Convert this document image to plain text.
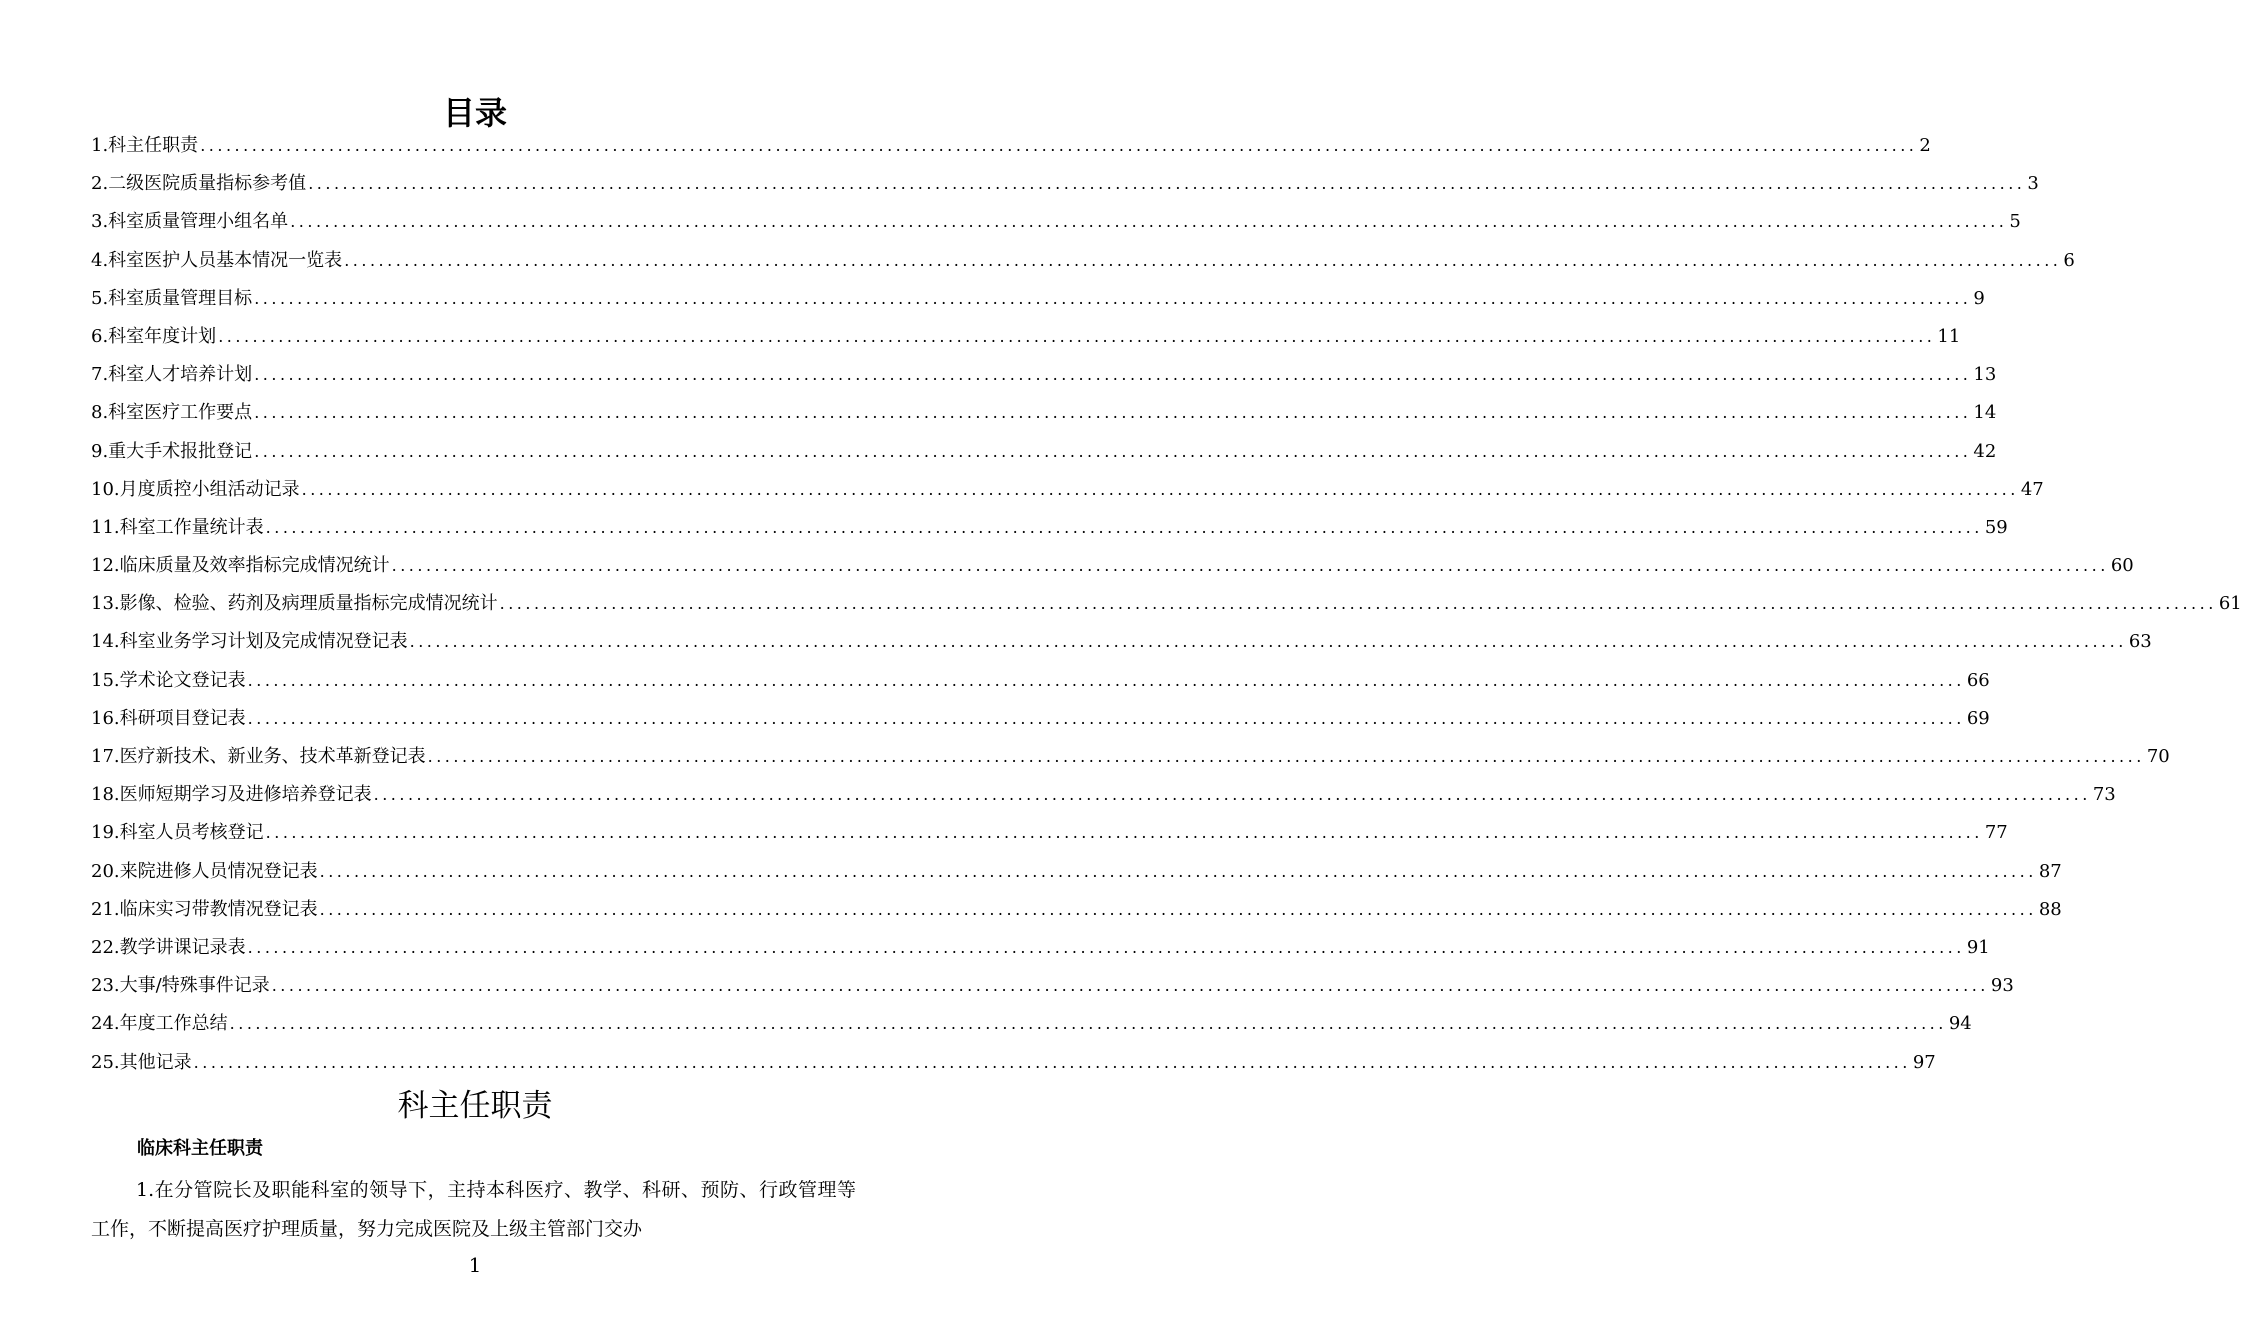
目录
1.科主任职责 ........................................................................................................................................................................................................ 2
2.二级医院质量指标参考值 ........................................................................................................................................................................................................ 3
3.科室质量管理小组名单 ........................................................................................................................................................................................................ 5
4.科室医护人员基本情况一览表 ........................................................................................................................................................................................................ 6
5.科室质量管理目标 ........................................................................................................................................................................................................ 9
6.科室年度计划 ........................................................................................................................................................................................................ 11
7.科室人才培养计划 ........................................................................................................................................................................................................ 13
8.科室医疗工作要点 ........................................................................................................................................................................................................ 14
9.重大手术报批登记 ........................................................................................................................................................................................................ 42
10.月度质控小组活动记录 ........................................................................................................................................................................................................ 47
11.科室工作量统计表 ........................................................................................................................................................................................................ 59
12.临床质量及效率指标完成情况统计 ........................................................................................................................................................................................................ 60
13.影像、检验、药剂及病理质量指标完成情况统计 ........................................................................................................................................................................................................ 61
14.科室业务学习计划及完成情况登记表 ........................................................................................................................................................................................................ 63
15.学术论文登记表 ........................................................................................................................................................................................................ 66
16.科研项目登记表 ........................................................................................................................................................................................................ 69
17.医疗新技术、新业务、技术革新登记表 ........................................................................................................................................................................................................ 70
18.医师短期学习及进修培养登记表 ........................................................................................................................................................................................................ 73
19.科室人员考核登记 ........................................................................................................................................................................................................ 77
20.来院进修人员情况登记表 ........................................................................................................................................................................................................ 87
21.临床实习带教情况登记表 ........................................................................................................................................................................................................ 88
22.教学讲课记录表 ........................................................................................................................................................................................................ 91
23.大事/特殊事件记录 ........................................................................................................................................................................................................ 93
24.年度工作总结 ........................................................................................................................................................................................................ 94
25.其他记录 ........................................................................................................................................................................................................ 97
科主任职责
临床科主任职责

1.在分管院长及职能科室的领导下，主持本科医疗、教学、科研、预防、行政管理等工作，不断提高医疗护理质量，努力完成医院及上级主管部门交办

1
